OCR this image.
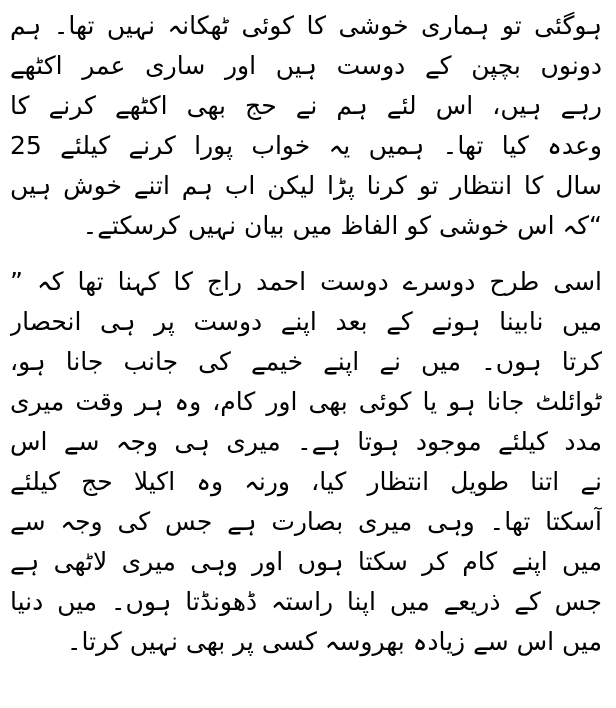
ہوگئی تو ہماری خوشی کا کوئی ٹھکانہ نہیں تھا۔ ہم
دونوں بچپن کے دوست ہیں اور ساری عمر اکٹھے
رہے ہیں، اس لئے ہم نے حج بھی اکٹھے کرنے کا
وعدہ کیا تھا۔ ہمیں یہ خواب پورا کرنے کیلئے 25
سال کا انتظار تو کرنا پڑا لیکن اب ہم اتنے خوش ہیں
“کہ اس خوشی کو الفاظ میں بیان نہیں کرسکتے۔
اسی طرح دوسرے دوست احمد راج کا کہنا تھا کہ ”
میں نابینا ہونے کے بعد اپنے دوست پر ہی انحصار
کرتا ہوں۔ میں نے اپنے خیمے کی جانب جانا ہو،
ٹوائلٹ جانا ہو یا کوئی بھی اور کام، وہ ہر وقت میری
مدد کیلئے موجود ہوتا ہے۔ میری ہی وجہ سے اس
نے اتنا طویل انتظار کیا، ورنہ وہ اکیلا حج کیلئے
آسکتا تھا۔ وہی میری بصارت ہے جس کی وجہ سے
میں اپنے کام کر سکتا ہوں اور وہی میری لاٹھی ہے
جس کے ذریعے میں اپنا راستہ ڈھونڈتا ہوں۔ میں دنیا
میں اس سے زیادہ بھروسہ کسی پر بھی نہیں کرتا۔
